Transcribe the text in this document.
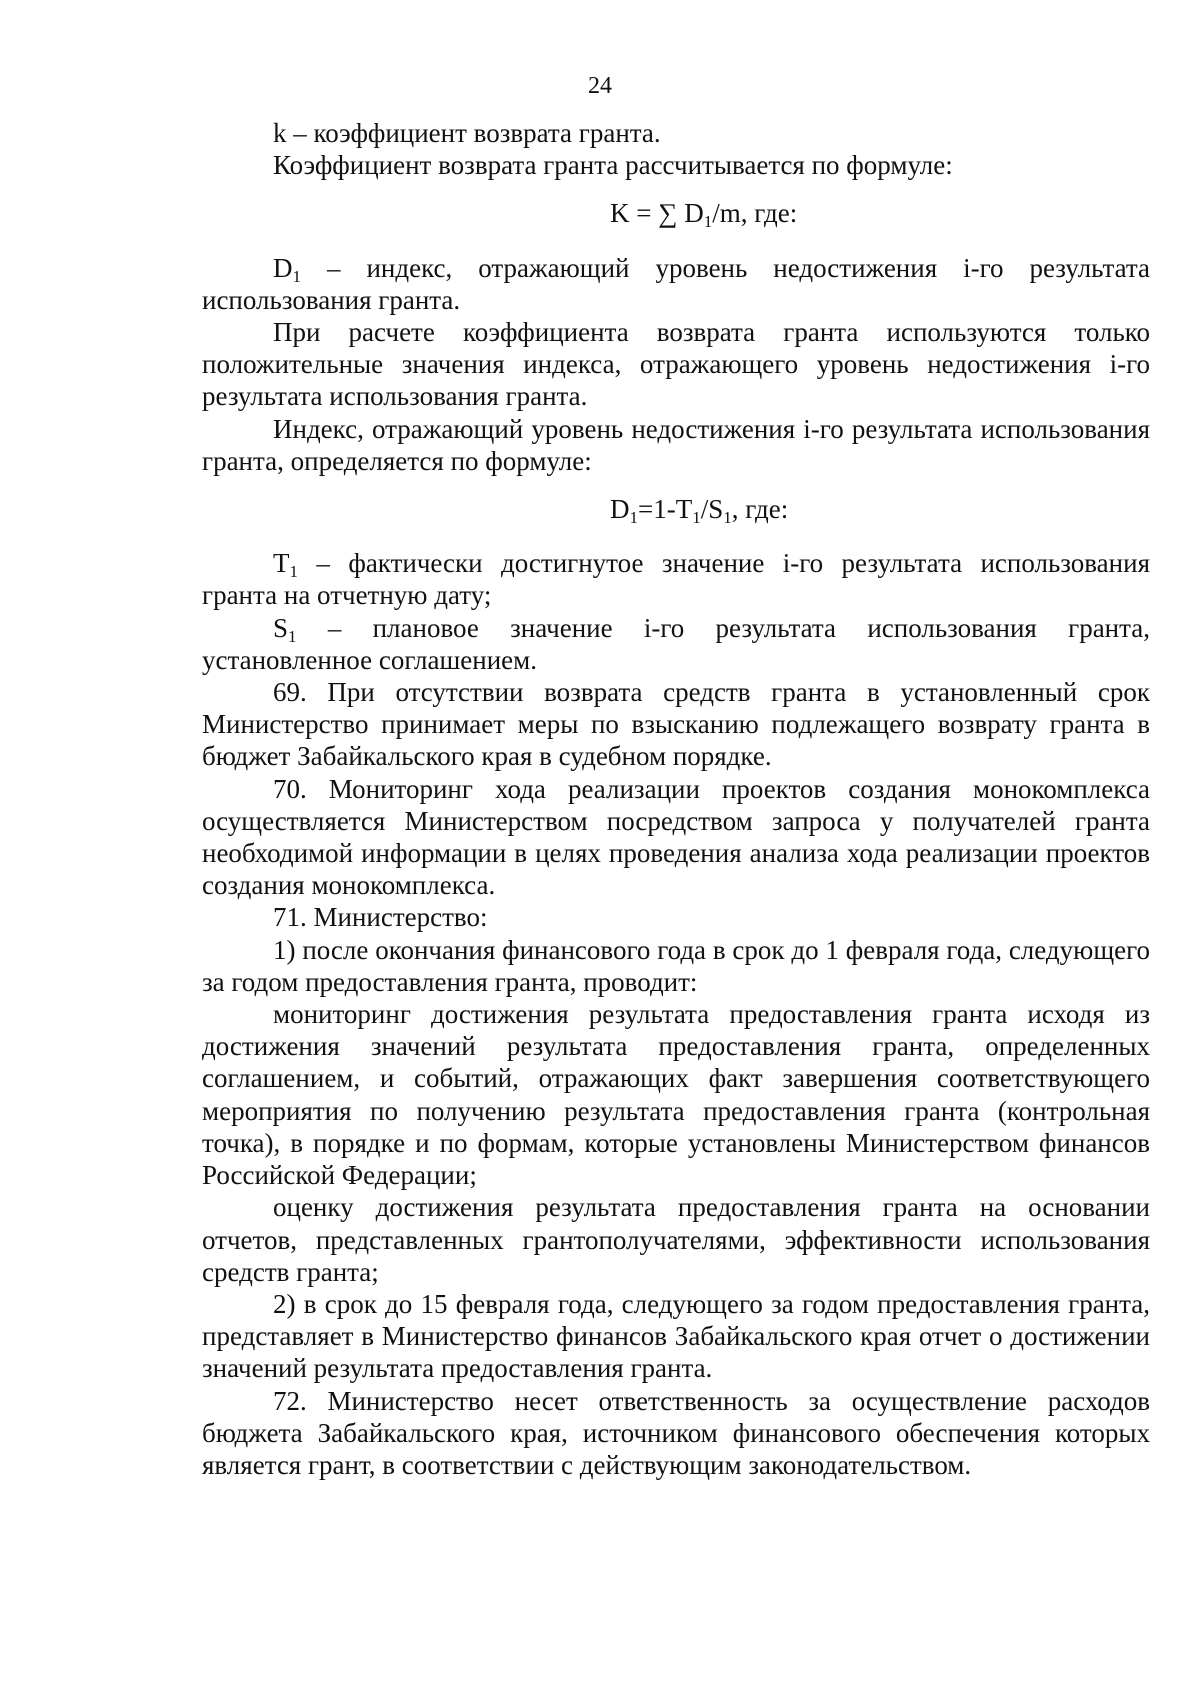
24

k – коэффициент возврата гранта.

Коэффициент возврата гранта рассчитывается по формуле:

K = ∑ $D_1/m$, где:

$D_1$ – индекс, отражающий уровень недостижения i-го результата использования гранта.

При расчете коэффициента возврата гранта используются только положительные значения индекса, отражающего уровень недостижения i-го результата использования гранта.

Индекс, отражающий уровень недостижения i-го результата использования гранта, определяется по формуле:

$D_1=1-T_1/S_1$, где:

$T_1$ – фактически достигнутое значение i-го результата использования гранта на отчетную дату;

$S_1$ – плановое значение i-го результата использования гранта, установленное соглашением.

69. При отсутствии возврата средств гранта в установленный срок Министерство принимает меры по взысканию подлежащего возврату гранта в бюджет Забайкальского края в судебном порядке.

70. Мониторинг хода реализации проектов создания монокомплекса осуществляется Министерством посредством запроса у получателей гранта необходимой информации в целях проведения анализа хода реализации проектов создания монокомплекса.

71. Министерство:

1) после окончания финансового года в срок до 1 февраля года, следующего за годом предоставления гранта, проводит:

мониторинг достижения результата предоставления гранта исходя из достижения значений результата предоставления гранта, определенных соглашением, и событий, отражающих факт завершения соответствующего мероприятия по получению результата предоставления гранта (контрольная точка), в порядке и по формам, которые установлены Министерством финансов Российской Федерации;

оценку достижения результата предоставления гранта на основании отчетов, представленных грантополучателями, эффективности использования средств гранта;

2) в срок до 15 февраля года, следующего за годом предоставления гранта, представляет в Министерство финансов Забайкальского края отчет о достижении значений результата предоставления гранта.

72. Министерство несет ответственность за осуществление расходов бюджета Забайкальского края, источником финансового обеспечения которых является грант, в соответствии с действующим законодательством.
